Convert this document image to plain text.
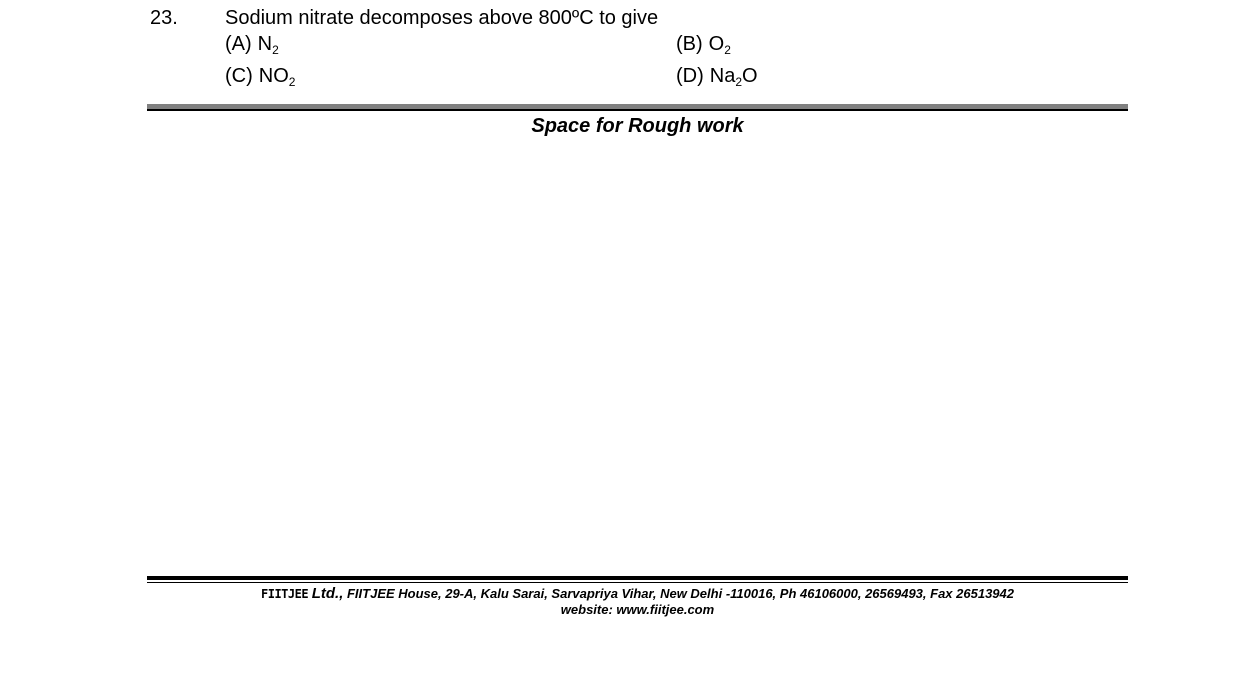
23. Sodium nitrate decomposes above 800ºC to give
(A) $N_2$	(B) $O_2$
(C) $NO_2$	(D) $Na_2O$
Space for Rough work
FIITJEE Ltd., FIITJEE House, 29-A, Kalu Sarai, Sarvapriya Vihar, New Delhi -110016, Ph 46106000, 26569493, Fax 26513942
website: www.fiitjee.com
